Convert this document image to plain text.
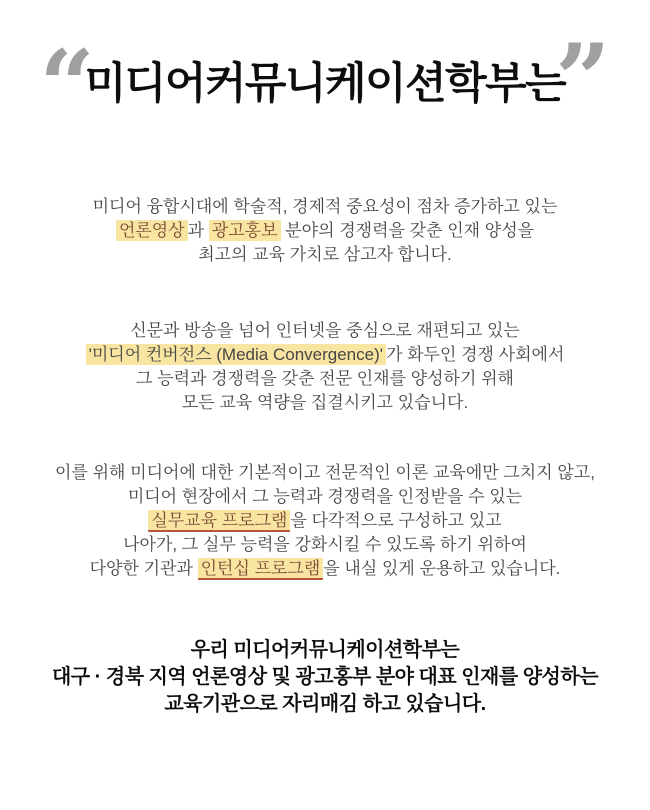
“
미디어커뮤니케이션학부는
”

미디어 융합시대에 학술적, 경제적 중요성이 점차 증가하고 있는
언론영상 과 광고홍보 분야의 경쟁력을 갖춘 인재 양성을
최고의 교육 가치로 삼고자 합니다.

신문과 방송을 넘어 인터넷을 중심으로 재편되고 있는
'미디어 컨버전스 (Media Convergence)' 가 화두인 경쟁 사회에서
그 능력과 경쟁력을 갖춘 전문 인재를 양성하기 위해
모든 교육 역량을 집결시키고 있습니다.

이를 위해 미디어에 대한 기본적이고 전문적인 이론 교육에만 그치지 않고,
미디어 현장에서 그 능력과 경쟁력을 인정받을 수 있는
실무교육 프로그램 을 다각적으로 구성하고 있고
나아가, 그 실무 능력을 강화시킬 수 있도록 하기 위하여
다양한 기관과 인턴십 프로그램 을 내실 있게 운용하고 있습니다.

우리 미디어커뮤니케이션학부는
대구 · 경북 지역 언론영상 및 광고홍부 분야 대표 인재를 양성하는
교육기관으로 자리매김 하고 있습니다.
